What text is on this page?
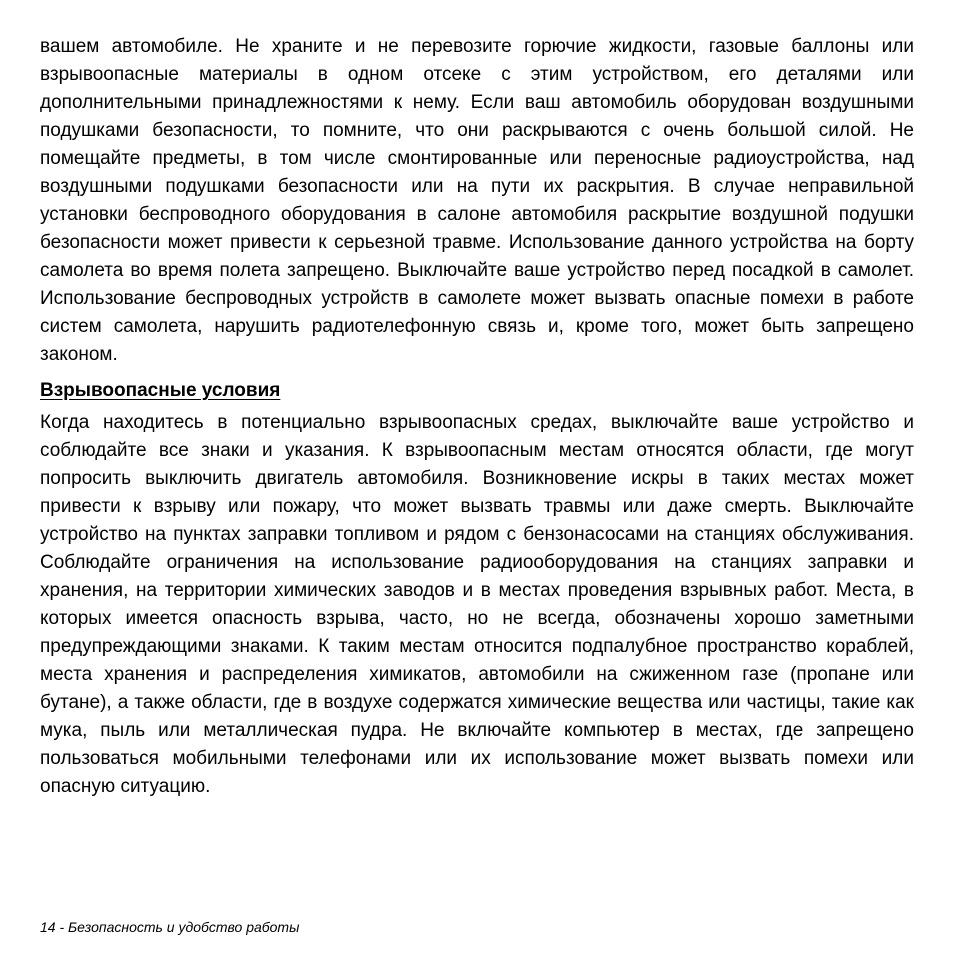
вашем автомобиле. Не храните и не перевозите горючие жидкости, газовые баллоны или взрывоопасные материалы в одном отсеке с этим устройством, его деталями или дополнительными принадлежностями к нему. Если ваш автомобиль оборудован воздушными подушками безопасности, то помните, что они раскрываются с очень большой силой. Не помещайте предметы, в том числе смонтированные или переносные радиоустройства, над воздушными подушками безопасности или на пути их раскрытия. В случае неправильной установки беспроводного оборудования в салоне автомобиля раскрытие воздушной подушки безопасности может привести к серьезной травме. Использование данного устройства на борту самолета во время полета запрещено. Выключайте ваше устройство перед посадкой в самолет. Использование беспроводных устройств в самолете может вызвать опасные помехи в работе систем самолета, нарушить радиотелефонную связь и, кроме того, может быть запрещено законом.

Взрывоопасные условия

Когда находитесь в потенциально взрывоопасных средах, выключайте ваше устройство и соблюдайте все знаки и указания. К взрывоопасным местам относятся области, где могут попросить выключить двигатель автомобиля. Возникновение искры в таких местах может привести к взрыву или пожару, что может вызвать травмы или даже смерть. Выключайте устройство на пунктах заправки топливом и рядом с бензонасосами на станциях обслуживания. Соблюдайте ограничения на использование радиооборудования на станциях заправки и хранения, на территории химических заводов и в местах проведения взрывных работ. Места, в которых имеется опасность взрыва, часто, но не всегда, обозначены хорошо заметными предупреждающими знаками. К таким местам относится подпалубное пространство кораблей, места хранения и распределения химикатов, автомобили на сжиженном газе (пропане или бутане), а также области, где в воздухе содержатся химические вещества или частицы, такие как мука, пыль или металлическая пудра. Не включайте компьютер в местах, где запрещено пользоваться мобильными телефонами или их использование может вызвать помехи или опасную ситуацию.

14 - Безопасность и удобство работы
